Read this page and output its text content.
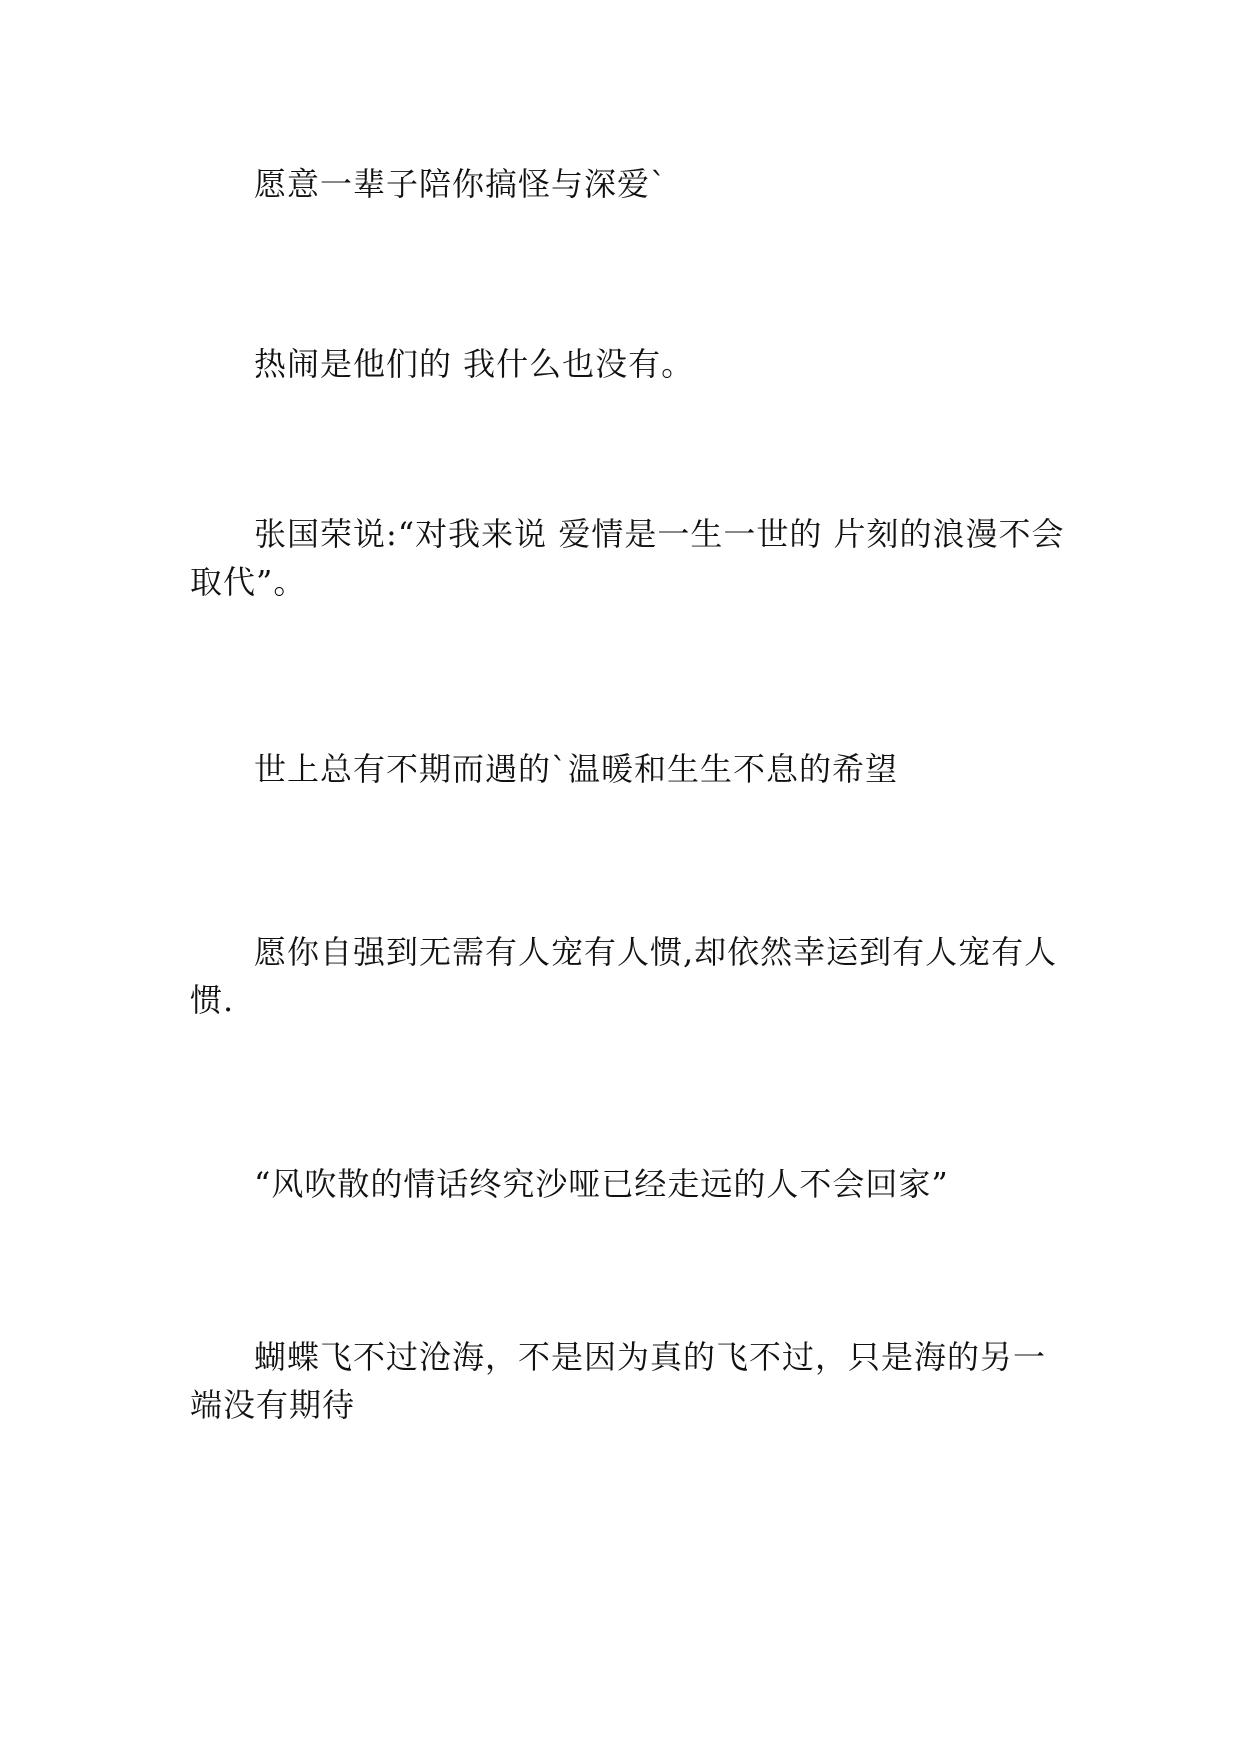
愿意一辈子陪你搞怪与深爱`

热闹是他们的 我什么也没有。

张国荣说:“对我来说 爱情是一生一世的 片刻的浪漫不会取代”。

世上总有不期而遇的`温暖和生生不息的希望

愿你自强到无需有人宠有人惯,却依然幸运到有人宠有人惯.

“风吹散的情话终究沙哑已经走远的人不会回家”

蝴蝶飞不过沧海，不是因为真的飞不过，只是海的另一端没有期待
